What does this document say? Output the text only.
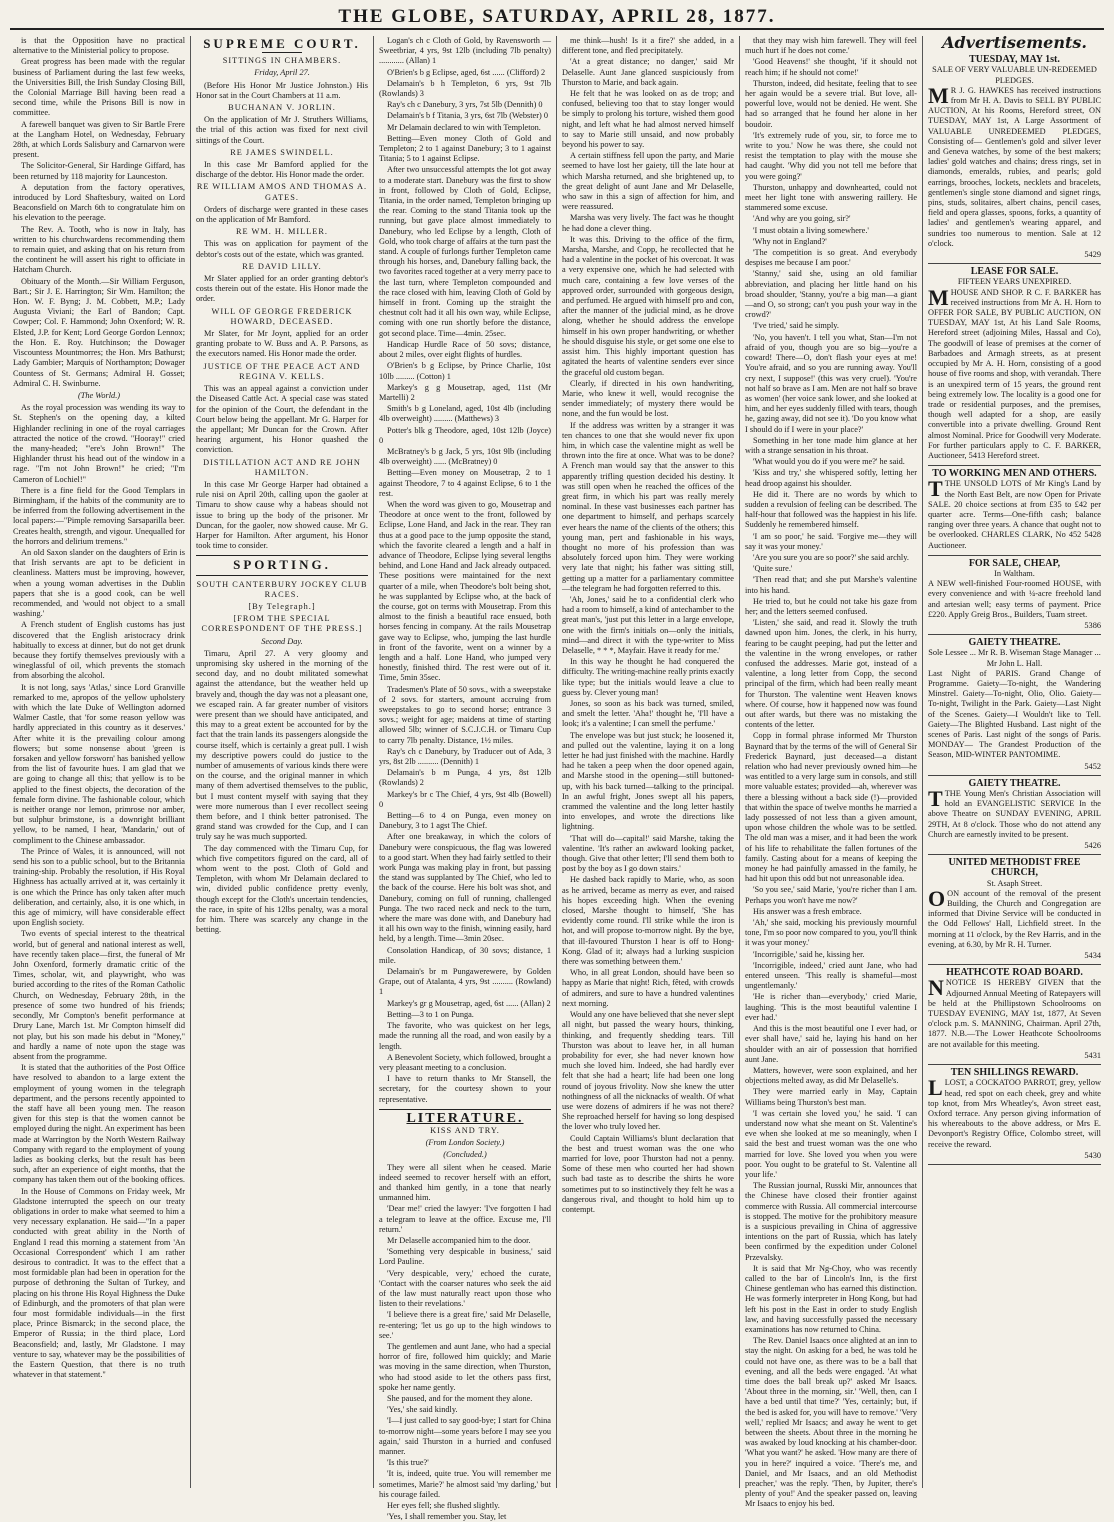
THE GLOBE, SATURDAY, APRIL 28, 1877.

is that the Opposition have no practical alternative to the Ministerial policy to propose.

Great progress has been made with the regular business of Parliament during the last few weeks, the Universities Bill, the Irish Sunday Closing Bill, the Colonial Marriage Bill having been read a second time, while the Prisons Bill is now in committee.

A farewell banquet was given to Sir Bartle Frere at the Langham Hotel, on Wednesday, February 28th, at which Lords Salisbury and Carnarvon were present.

The Solicitor-General, Sir Hardinge Giffard, has been returned by 118 majority for Launceston.

A deputation from the factory operatives, introduced by Lord Shaftesbury, waited on Lord Beaconsfield on March 6th to congratulate him on his elevation to the peerage.

The Rev. A. Tooth, who is now in Italy, has written to his churchwardens recommending them to remain quiet, and asking that on his return from the continent he will assert his right to officiate in Hatcham Church.

Obituary of the Month.—Sir William Ferguson, Bart.; Sir J. E. Harrington; Sir Wm. Hamilton; the Hon. W. F. Byng; J. M. Cobbett, M.P.; Lady Augusta Viviani; the Earl of Bandon; Capt. Cowper; Col. F. Hammond; John Oxenford; W. R. Elsted, J.P. for Kent; Lord George Gordon Lennox; the Hon. E. Roy. Hutchinson; the Dowager Viscountess Mountmorres; the Hon. Mrs Bathurst; Lady Gambier; Marquis of Northampton; Dowager Countess of St. Germans; Admiral H. Gosset; Admiral C. H. Swinburne.

(The World.)

As the royal procession was wending its way to St. Stephen's on the opening day, a kilted Highlander reclining in one of the royal carriages attracted the notice of the crowd. "Hooray!" cried the many-headed; "'ere's John Brown!" The Highlander thrust his head out of the window in a rage. "I'm not John Brown!" he cried; "I'm Cameron of Lochiel!"

There is a fine field for the Good Templars in Birmingham, if the habits of the community are to be inferred from the following advertisement in the local papers:—"Pimple removing Sarsaparilla beer. Creates health, strength, and vigour. Unequalled for the horrors and delirium tremens."

An old Saxon slander on the daughters of Erin is that Irish servants are apt to be deficient in cleanliness. Matters must be improving, however, when a young woman advertises in the Dublin papers that she is a good cook, can be well recommended, and 'would not object to a small washing.'

A French student of English customs has just discovered that the English aristocracy drink habitually to excess at dinner, but do not get drunk because they fortify themselves previously with a wineglassful of oil, which prevents the stomach from absorbing the alcohol.

It is not long, says 'Atlas,' since Lord Granville remarked to me, apropos of the yellow upholstery with which the late Duke of Wellington adorned Walmer Castle, that 'for some reason yellow was hardly appreciated in this country as it deserves.' After white it is the prevailing colour among flowers; but some nonsense about 'green is forsaken and yellow forsworn' has banished yellow from the list of favourite hues. I am glad that we are going to change all this; that yellow is to be applied to the finest objects, the decoration of the female form divine. The fashionable colour, which is neither orange nor lemon, primrose nor amber, but sulphur brimstone, is a downright brilliant yellow, to be named, I hear, 'Mandarin,' out of compliment to the Chinese ambassador.

The Prince of Wales, it is announced, will not send his son to a public school, but to the Britannia training-ship. Probably the resolution, if His Royal Highness has actually arrived at it, was certainly it is one which the Prince has only taken after much deliberation, and certainly, also, it is one which, in this age of mimicry, will have considerable effect upon English society.

Two events of special interest to the theatrical world, but of general and national interest as well, have recently taken place—first, the funeral of Mr John Oxenford, formerly dramatic critic of the Times, scholar, wit, and playwright, who was buried according to the rites of the Roman Catholic Church, on Wednesday, February 28th, in the presence of some two hundred of his friends; secondly, Mr Compton's benefit performance at Drury Lane, March 1st. Mr Compton himself did not play, but his son made his debut in "Money," and hardly a name of note upon the stage was absent from the programme.

It is stated that the authorities of the Post Office have resolved to abandon to a large extent the employment of young women in the telegraph department, and the persons recently appointed to the staff have all been young men. The reason given for this step is that the women cannot be employed during the night. An experiment has been made at Warrington by the North Western Railway Company with regard to the employment of young ladies as booking clerks, but the result has been such, after an experience of eight months, that the company has taken them out of the booking offices.

In the House of Commons on Friday week, Mr Gladstone interrupted the speech on our treaty obligations in order to make what seemed to him a very necessary explanation. He said—"In a paper conducted with great ability in the North of England I read this morning a statement from 'An Occasional Correspondent' which I am rather desirous to contradict. It was to the effect that a most formidable plan had been in operation for the purpose of dethroning the Sultan of Turkey, and placing on his throne His Royal Highness the Duke of Edinburgh, and the promoters of that plan were four most formidable individuals—in the first place, Prince Bismarck; in the second place, the Emperor of Russia; in the third place, Lord Beaconsfield; and, lastly, Mr Gladstone. I may venture to say, whatever may be the possibilities of the Eastern Question, that there is no truth whatever in that statement."

SUPREME COURT.
SITTINGS IN CHAMBERS.
Friday, April 27.

(Before His Honor Mr Justice Johnston.) His Honor sat in the Court Chambers at 11 a.m.

BUCHANAN V. JORLIN.

On the application of Mr J. Struthers Williams, the trial of this action was fixed for next civil sittings of the Court.

RE JAMES SWINDELL.

In this case Mr Bamford applied for the discharge of the debtor. His Honor made the order.

RE WILLIAM AMOS AND THOMAS A. GATES.

Orders of discharge were granted in these cases on the application of Mr Bamford.

RE WM. H. MILLER.

This was on application for payment of the debtor's costs out of the estate, which was granted.

RE DAVID LILLY.

Mr Slater applied for an order granting debtor's costs therein out of the estate. His Honor made the order.

WILL OF GEORGE FREDERICK HOWARD, DECEASED.

Mr Slater, for Mr Joynt, applied for an order granting probate to W. Buss and A. P. Parsons, as the executors named. His Honor made the order.

JUSTICE OF THE PEACE ACT AND REGINA V. KELLS.

This was an appeal against a conviction under the Diseased Cattle Act. A special case was stated for the opinion of the Court, the defendant in the Court below being the appellant. Mr G. Harper for the appellant; Mr Duncan for the Crown. After hearing argument, his Honor quashed the conviction.

DISTILLATION ACT AND RE JOHN HAMILTON.

In this case Mr George Harper had obtained a rule nisi on April 20th, calling upon the gaoler at Timaru to show cause why a habeas should not issue to bring up the body of the prisoner. Mr Duncan, for the gaoler, now showed cause. Mr G. Harper for Hamilton. After argument, his Honor took time to consider.

SPORTING.
SOUTH CANTERBURY JOCKEY CLUB RACES.
[By Telegraph.]
[FROM THE SPECIAL CORRESPONDENT OF THE PRESS.]
Second Day.

Timaru, April 27. A very gloomy and unpromising sky ushered in the morning of the second day, and no doubt militated somewhat against the attendance, but the weather held up bravely and, though the day was not a pleasant one, we escaped rain. A far greater number of visitors were present than we should have anticipated, and this may to a great extent be accounted for by the fact that the train lands its passengers alongside the course itself, which is certainly a great pull. I wish my descriptive powers could do justice to the number of amusements of various kinds there were on the course, and the original manner in which many of them advertised themselves to the public, but I must content myself with saying that they were more numerous than I ever recollect seeing them before, and I think better patronised. The grand stand was crowded for the Cup, and I can truly say he was much supported.

The day commenced with the Timaru Cup, for which five competitors figured on the card, all of whom went to the post. Cloth of Gold and Templeton, with whom Mr Delamain declared to win, divided public confidence pretty evenly, though except for the Cloth's uncertain tendencies, the race, in spite of his 12lbs penalty, was a moral for him. There was scarcely any change in the betting.

Logan's ch c Cloth of Gold, by Ravensworth —Sweetbriar, 4 yrs, 9st 12lb (including 7lb penalty) ............ (Allan) 1

O'Brien's b g Eclipse, aged, 6st ...... (Clifford) 2

Delamain's b h Templeton, 6 yrs, 9st 7lb (Rowlands) 3

Ray's ch c Danebury, 3 yrs, 7st 5lb (Dennith) 0

Delamain's b f Titania, 3 yrs, 6st 7lb (Webster) 0

Mr Delamain declared to win with Templeton.

Betting—Even money Cloth of Gold and Templeton; 2 to 1 against Danebury; 3 to 1 against Titania; 5 to 1 against Eclipse.

After two unsuccessful attempts the lot got away to a moderate start. Danebury was the first to show in front, followed by Cloth of Gold, Eclipse, Titania, in the order named, Templeton bringing up the rear. Coming to the stand Titania took up the running, but gave place almost immediately to Danebury, who led Eclipse by a length, Cloth of Gold, who took charge of affairs at the turn past the stand. A couple of furlongs further Templeton came through his horses, and, Danebury falling back, the two favorites raced together at a very merry pace to the last turn, where Templeton compounded and the race closed with him, leaving Cloth of Gold by himself in front. Coming up the straight the chestnut colt had it all his own way, while Eclipse, coming with one run shortly before the distance, got second place. Time—4min. 25sec.

Handicap Hurdle Race of 50 sovs; distance, about 2 miles, over eight flights of hurdles.

O'Brien's b g Eclipse, by Prince Charlie, 10st 10lb ......... (Cotton) 1

Markey's g g Mousetrap, aged, 11st (Mr Martelli) 2

Smith's b g Loneland, aged, 10st 4lb (including 4lb overweight) ......... (Matthews) 3

Potter's blk g Theodore, aged, 10st 12lb (Joyce) 0

McBratney's b g Jack, 5 yrs, 10st 9lb (including 4lb overweight) ...... (McBratney) 0

Betting—Even money on Mousetrap, 2 to 1 against Theodore, 7 to 4 against Eclipse, 6 to 1 the rest.

When the word was given to go, Mousetrap and Theodore at once went to the front, followed by Eclipse, Lone Hand, and Jack in the rear. They ran thus at a good pace to the jump opposite the stand, which the favorite cleared a length and a half in advance of Theodore, Eclipse lying several lengths behind, and Lone Hand and Jack already outpaced. These positions were maintained for the next quarter of a mile, when Theodore's bolt being shot, he was supplanted by Eclipse who, at the back of the course, got on terms with Mousetrap. From this almost to the finish a beautiful race ensued, both horses fencing in company. At the rails Mousetrap gave way to Eclipse, who, jumping the last hurdle in front of the favorite, went on a winner by a length and a half. Lone Hand, who jumped very honestly, finished third. The rest were out of it. Time, 5min 35sec.

Tradesmen's Plate of 50 sovs., with a sweepstake of 2 sovs. for starters, amount accruing from sweepstakes to go to second horse; entrance 3 sovs.; weight for age; maidens at time of starting allowed 5lb; winner of S.C.J.C.H. or Timaru Cup to carry 7lb penalty. Distance, 1½ miles.

Ray's ch c Danebury, by Traducer out of Ada, 3 yrs, 8st 2lb .......... (Dennith) 1

Delamain's b m Punga, 4 yrs, 8st 12lb (Rowlands) 2

Markey's br c The Chief, 4 yrs, 9st 4lb (Bowell) 0

Betting—6 to 4 on Punga, even money on Danebury, 3 to 1 agst The Chief.

After one breakaway, in which the colors of Danebury were conspicuous, the flag was lowered to a good start. When they had fairly settled to their work Punga was making play in front, but passing the stand was supplanted by The Chief, who led to the back of the course. Here his bolt was shot, and Danebury, coming on full of running, challenged Punga. The two raced neck and neck to the turn, where the mare was done with, and Danebury had it all his own way to the finish, winning easily, hard held, by a length. Time—3min 20sec.

Consolation Handicap, of 30 sovs; distance, 1 mile.

Delamain's br m Pungawerewere, by Golden Grape, out of Atalanta, 4 yrs, 9st .......... (Rowland) 1

Markey's gr g Mousetrap, aged, 6st ...... (Allan) 2

Betting—3 to 1 on Punga.

The favorite, who was quickest on her legs, made the running all the road, and won easily by a length.

A Benevolent Society, which followed, brought a very pleasant meeting to a conclusion.

I have to return thanks to Mr Stansell, the secretary, for the courtesy shown to your representative.

LITERATURE.
KISS AND TRY.
(From London Society.)
(Concluded.)

They were all silent when he ceased. Marie indeed seemed to recover herself with an effort, and thanked him gently, in a tone that nearly unmanned him.

'Dear me!' cried the lawyer: 'I've forgotten I had a telegram to leave at the office. Excuse me, I'll return.'

Mr Delaselle accompanied him to the door.

'Something very despicable in business,' said Lord Pauline.

'Very despicable, very,' echoed the curate, 'Contact with the coarser natures who seek the aid of the law must naturally react upon those who listen to their revelations.'

'I believe there is a great fire,' said Mr Delaselle, re-entering; 'let us go up to the high windows to see.'

The gentlemen and aunt Jane, who had a special horror of fire, followed him quickly; and Marie was moving in the same direction, when Thurston, who had stood aside to let the others pass first, spoke her name gently.

She paused, and for the moment they alone.

'Yes,' she said kindly.

'I—I just called to say good-bye; I start for China to-morrow night—some years before I may see you again,' said Thurston in a hurried and confused manner.

'Is this true?'

'It is, indeed, quite true. You will remember me sometimes, Marie?' he almost said 'my darling,' but his courage failed.

Her eyes fell; she flushed slightly.

'Yes, I shall remember you. Stay, let

me think—hush! Is it a fire?' she added, in a different tone, and fled precipitately.

'At a great distance; no danger,' said Mr Delaselle. Aunt Jane glanced suspiciously from Thurston to Marie, and back again.

He felt that he was looked on as de trop; and confused, believing too that to stay longer would be simply to prolong his torture, wished them good night, and left what he had almost nerved himself to say to Marie still unsaid, and now probably beyond his power to say.

A certain stiffness fell upon the party, and Marie seemed to have lost her gaiety, till the late hour at which Marsha returned, and she brightened up, to the great delight of aunt Jane and Mr Delaselle, who saw in this a sign of affection for him, and were reassured.

Marsha was very lively. The fact was he thought he had done a clever thing.

It was this. Driving to the office of the firm, Marsha, Marshe, and Copp, he recollected that he had a valentine in the pocket of his overcoat. It was a very expensive one, which he had selected with much care, containing a few love verses of the approved order, surrounded with gorgeous design, and perfumed. He argued with himself pro and con, after the manner of the judicial mind, as he drove along, whether he should address the envelope himself in his own proper handwriting, or whether he should disguise his style, or get some one else to assist him. This highly important question has agitated the hearts of valentine senders ever since the graceful old custom began.

Clearly, if directed in his own handwriting, Marie, who knew it well, would recognise the sender immediately; of mystery there would be none, and the fun would be lost.

If the address was written by a stranger it was ten chances to one that she would never fix upon him, in which case the valentine might as well be thrown into the fire at once. What was to be done? A French man would say that the answer to this apparently trifling question decided his destiny. It was still open when he reached the offices of the great firm, in which his part was really merely nominal. In these vast businesses each partner has one department to himself, and perhaps scarcely ever hears the name of the clients of the others; this young man, pert and fashionable in his ways, thought no more of his profession than was absolutely forced upon him. They were working very late that night; his father was sitting still, getting up a matter for a parliamentary committee—the telegram he had forgotten referred to this.

'Ah, Jones,' said he to a confidential clerk who had a room to himself, a kind of antechamber to the great man's, 'just put this letter in a large envelope, one with the firm's initials on—only the initials, mind—and direct it with the type-writer to Miss Delaselle, * * *, Mayfair. Have it ready for me.'

In this way he thought he had conquered the difficulty. The writing-machine really prints exactly like type; but the initials would leave a clue to guess by. Clever young man!

Jones, so soon as his back was turned, smiled, and smelt the letter. 'Aha!' thought he, 'I'll have a look; it's a valentine; I can smell the perfume.'

The envelope was but just stuck; he loosened it, and pulled out the valentine, laying it on a long letter he had just finished with the machine. Hardly had he taken a peep when the door opened again, and Marshe stood in the opening—still buttoned-up, with his back turned—talking to the principal. In an awful fright, Jones swept all his papers, crammed the valentine and the long letter hastily into envelopes, and wrote the directions like lightning.

'That will do—capital!' said Marshe, taking the valentine. 'It's rather an awkward looking packet, though. Give that other letter; I'll send them both to post by the boy as I go down stairs.'

He dashed back rapidly to Marie, who, as soon as he arrived, became as merry as ever, and raised his hopes exceeding high. When the evening closed, Marshe thought to himself, 'She has evidently come round. I'll strike while the iron is hot, and will propose to-morrow night. By the bye, that ill-favoured Thurston I hear is off to Hong-Kong. Glad of it; always had a lurking suspicion there was something between them.'

Who, in all great London, should have been so happy as Marie that night! Rich, fêted, with crowds of admirers, and sure to have a hundred valentines next morning.

Would any one have believed that she never slept all night, but passed the weary hours, thinking, thinking, and frequently shedding tears. Till Thurston was about to leave her, in all human probability for ever, she had never known how much she loved him. Indeed, she had hardly ever felt that she had a heart; life had been one long round of joyous frivolity. Now she knew the utter nothingness of all the nicknacks of wealth. Of what use were dozens of admirers if he was not there? She reproached herself for having so long despised the lover who truly loved her.

Could Captain Williams's blunt declaration that the best and truest woman was the one who married for love, poor Thurston had not a penny. Some of these men who courted her had shown such bad taste as to describe the shirts he wore sometimes put to so instinctively they felt he was a dangerous rival, and thought to hold him up to contempt.

that they may wish him farewell. They will feel much hurt if he does not come.'

'Good Heavens!' she thought, 'if it should not reach him; if he should not come!'

Thurston, indeed, did hesitate, feeling that to see her again would be a severe trial. But love, all-powerful love, would not be denied. He went. She had so arranged that he found her alone in her boudoir.

'It's extremely rude of you, sir, to force me to write to you.' Now he was there, she could not resist the temptation to play with the mouse she had caught. 'Why did you not tell me before that you were going?'

Thurston, unhappy and downhearted, could not meet her light tone with answering raillery. He stammered some excuse.

'And why are you going, sir?'

'I must obtain a living somewhere.'

'Why not in England?'

'The competition is so great. And everybody despises me because I am poor.'

'Stanny,' said she, using an old familiar abbreviation, and placing her little hand on his broad shoulder, 'Stanny, you're a big man—a giant—and O, so strong; can't you push your way in the crowd?'

'I've tried,' said he simply.

'No, you haven't. I tell you what, Stan—I'm not afraid of you, though you are so big—you're a coward! There—O, don't flash your eyes at me! You're afraid, and so you are running away. You'll cry next, I suppose!' (this was very cruel). 'You're not half so brave as I am. Men are not half so brave as women' (her voice sank lower, and she looked at him, and her eyes suddenly filled with tears, though he, gazing away, did not see it). 'Do you know what I should do if I were in your place?'

Something in her tone made him glance at her with a strange sensation in his throat.

'What would you do if you were me?' he said.

'Kiss and try,' she whispered softly, letting her head droop against his shoulder.

He did it. There are no words by which to sudden a revulsion of feeling can be described. The half-hour that followed was the happiest in his life. Suddenly he remembered himself.

'I am so poor,' he said. 'Forgive me—they will say it was your money.'

'Are you sure you are so poor?' she said archly.

'Quite sure.'

'Then read that; and she put Marshe's valentine into his hand.

He tried to, but he could not take his gaze from her; and the letters seemed confused.

'Listen,' she said, and read it. Slowly the truth dawned upon him. Jones, the clerk, in his hurry, fearing to be caught peeping, had put the letter and the valentine in the wrong envelopes, or rather confused the addresses. Marie got, instead of a valentine, a long letter from Copp, the second principal of the firm, which had been really meant for Thurston. The valentine went Heaven knows where. Of course, how it happened now was found out after wards, but there was no mistaking the contents of the letter.

Copp in formal phrase informed Mr Thurston Baynard that by the terms of the will of General Sir Frederick Baynard, just deceased—a distant relation who had never previously owned him—he was entitled to a very large sum in consols, and still more valuable estates; provided—ah, wherever was there a blessing without a back side (!)—provided that within the space of twelve months he married a lady possessed of not less than a given amount, upon whose children the whole was to be settled. The old man was a miser, and it had been the work of his life to rehabilitate the fallen fortunes of the family. Casting about for a means of keeping the money he had painfully amassed in the family, he had hit upon this odd but not unreasonable idea.

'So you see,' said Marie, 'you're richer than I am. Perhaps you won't have me now?'

His answer was a fresh embrace.

'Ah,' she said, mocking his previously mournful tone, I'm so poor now compared to you, you'll think it was your money.'

'Incorrigible,' said he, kissing her.

'Incorrigible, indeed,' cried aunt Jane, who had entered unseen. 'This really is shameful—most ungentlemanly.'

'He is richer than—everybody,' cried Marie, laughing. 'This is the most beautiful valentine I ever had.'

And this is the most beautiful one I ever had, or ever shall have,' said he, laying his hand on her shoulder with an air of possession that horrified aunt Jane.

Matters, however, were soon explained, and her objections melted away, as did Mr Delaselle's.

They were married early in May, Captain Williams being Thurston's best man.

'I was certain she loved you,' he said. 'I can understand now what she meant on St. Valentine's eve when she looked at me so meaningly, when I said the best and truest woman was the one who married for love. She loved you when you were poor. You ought to be grateful to St. Valentine all your life.'

The Russian journal, Russki Mir, announces that the Chinese have closed their frontier against commerce with Russia. All commercial intercourse is stopped. The motive for the prohibitory measure is a suspicious prevailing in China of aggressive intentions on the part of Russia, which has lately been confirmed by the expedition under Colonel Przevalsky.

It is said that Mr Ng-Choy, who was recently called to the bar of Lincoln's Inn, is the first Chinese gentleman who has earned this distinction. He was formerly interpreter in Hong Kong, but had left his post in the East in order to study English law, and having successfully passed the necessary examinations has now returned to China.

The Rev. Daniel Isaacs once alighted at an inn to stay the night. On asking for a bed, he was told he could not have one, as there was to be a ball that evening, and all the beds were engaged. 'At what time does the ball break up?' asked Mr Isaacs. 'About three in the morning, sir.' 'Well, then, can I have a bed until that time?' 'Yes, certainly; but, if the bed is asked for, you will have to remove.' 'Very well,' replied Mr Isaacs; and away he went to get between the sheets. About three in the morning he was awaked by loud knocking at his chamber-door. 'What you want?' he asked. 'How many are there of you in here?' inquired a voice. 'There's me, and Daniel, and Mr Isaacs, and an old Methodist preacher,' was the reply. 'Then, by Jupiter, there's plenty of you!' And the speaker passed on, leaving Mr Isaacs to enjoy his bed.

Advertisements.
TUESDAY, MAY 1st.
SALE OF VERY VALUABLE UN-REDEEMED PLEDGES.

M R J. G. HAWKES has received instructions from Mr H. A. Davis to SELL BY PUBLIC AUCTION, At his Rooms, Hereford street, ON TUESDAY, MAY 1st, A Large Assortment of VALUABLE UNREDEEMED PLEDGES, Consisting of— Gentlemen's gold and silver lever and Geneva watches, by some of the best makers; ladies' gold watches and chains; dress rings, set in diamonds, emeralds, rubies, and pearls; gold earrings, brooches, lockets, necklets and bracelets, gentlemen's single stone diamond and signet rings, pins, studs, solitaires, albert chains, pencil cases, field and opera glasses, spoons, forks, a quantity of ladies' and gentlemen's wearing apparel, and sundries too numerous to mention. Sale at 12 o'clock.

5429
LEASE FOR SALE.
FIFTEEN YEARS UNEXPIRED.

MHOUSE AND SHOP. R C. F. BARKER has received instructions from Mr A. H. Horn to OFFER FOR SALE, BY PUBLIC AUCTION, ON TUESDAY, MAY 1st, At his Land Sale Rooms, Hereford street (adjoining Miles, Hassal and Co), The goodwill of lease of premises at the corner of Barbadoes and Armagh streets, as at present occupied by Mr A. H. Horn, consisting of a good house of five rooms and shop, with verandah. There is an unexpired term of 15 years, the ground rent being extremely low. The locality is a good one for trade or residential purposes, and the premises, though well adapted for a shop, are easily convertible into a private dwelling. Ground Rent almost Nominal. Price for Goodwill very Moderate. For further particulars apply to C. F. BARKER, Auctioneer, 5413 Hereford street.

TO WORKING MEN AND OTHERS.

TTHE UNSOLD LOTS of Mr King's Land by the North East Belt, are now Open for Private SALE. 20 choice sections at from £35 to £42 per quarter acre. Terms—One-fifth cash; balance ranging over three years. A chance that ought not to be overlooked. CHARLES CLARK, No 452 5428 Auctioneer.

FOR SALE, CHEAP,
In Waltham.

A NEW well-finished Four-roomed HOUSE, with every convenience and with ¼-acre freehold land and artesian well; easy terms of payment. Price £220. Apply Greig Bros., Builders, Tuam street.

5386
GAIETY THEATRE.
Sole Lessee ... Mr R. B. Wiseman Stage Manager ... Mr John L. Hall.

Last Night of PARIS. Grand Change of Programme. Gaiety—To-night, the Wandering Minstrel. Gaiety—To-night, Olio, Olio. Gaiety—To-night, Twilight in the Park. Gaiety—Last Night of the Scenes. Gaiety—I Wouldn't like to Tell. Gaiety—The Blighted Husband. Last night of the scenes of Paris. Last night of the songs of Paris. MONDAY— The Grandest Production of the Season, MID-WINTER PANTOMIME.

5452
GAIETY THEATRE.

TTHE Young Men's Christian Association will hold an EVANGELISTIC SERVICE In the above Theatre on SUNDAY EVENING, APRIL 29TH, At 8 o'clock. Those who do not attend any Church are earnestly invited to be present.

5426
UNITED METHODIST FREE CHURCH,
St. Asaph Street.

OON account of the removal of the present Building, the Church and Congregation are informed that Divine Service will be conducted in the Odd Fellows' Hall, Lichfield street. In the morning at 11 o'clock, by the Rev Harris, and in the evening, at 6.30, by Mr R. H. Turner.

5434
HEATHCOTE ROAD BOARD.

NNOTICE IS HEREBY GIVEN that the Adjourned Annual Meeting of Ratepayers will be held at the Phillipstown Schoolrooms on TUESDAY EVENING, MAY 1st, 1877, At Seven o'clock p.m. S. MANNING, Chairman. April 27th, 1877. N.B.—The Lower Heathcote Schoolrooms are not available for this meeting.

5431
TEN SHILLINGS REWARD.

LLOST, a COCKATOO PARROT, grey, yellow head, red spot on each cheek, grey and white top knot, from Mrs Wheatley's, Avon street east, Oxford terrace. Any person giving information of his whereabouts to the above address, or Mrs E. Devonport's Registry Office, Colombo street, will receive the reward.

5430
